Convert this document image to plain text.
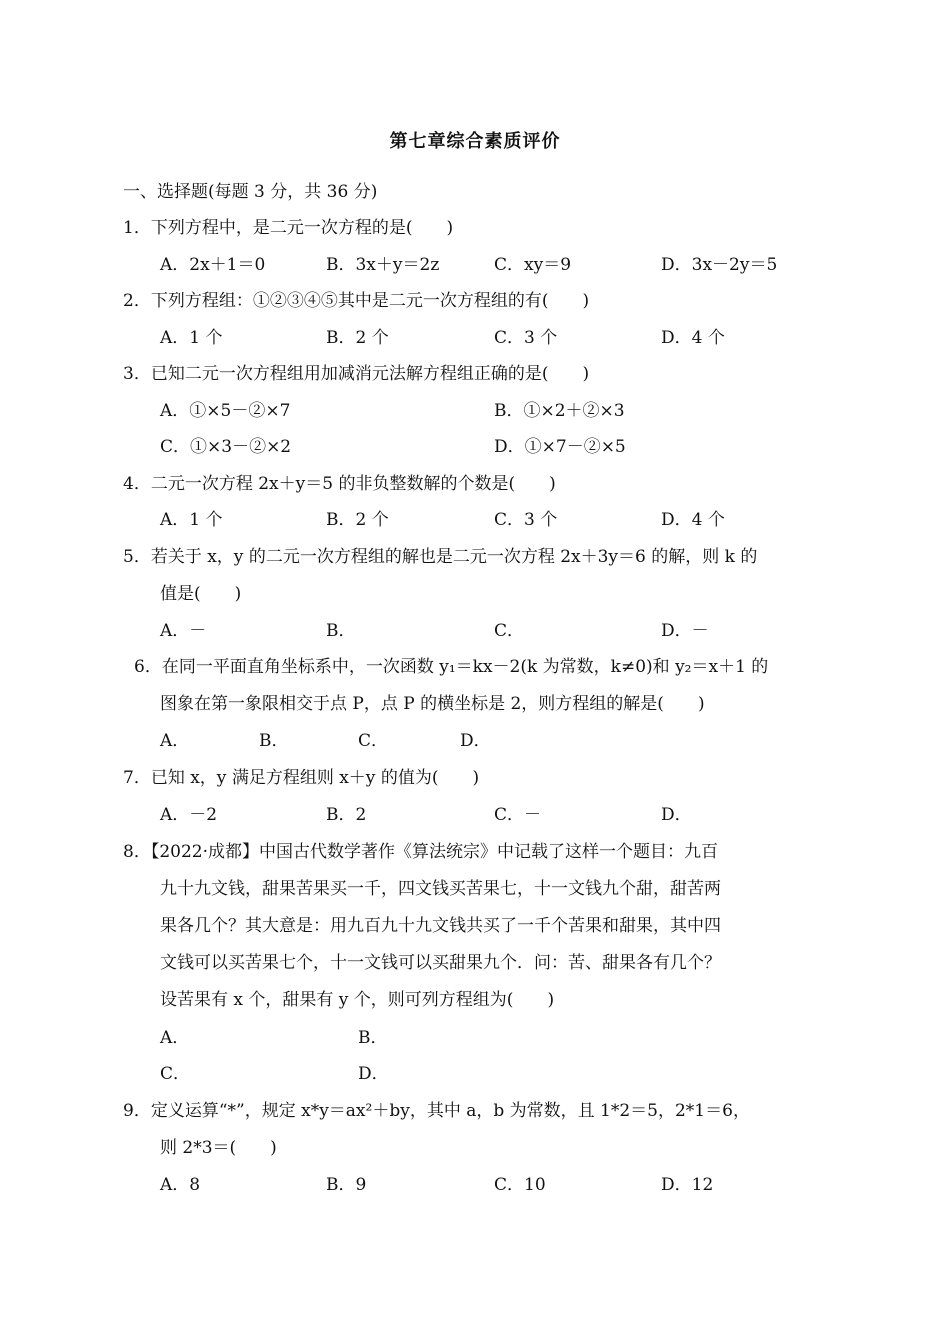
第七章综合素质评价
一、选择题(每题 3 分，共 36 分)
1．下列方程中，是二元一次方程的是(　　)
A．2x＋1＝0	B．3x＋y＝2z	C．xy＝9	D．3x－2y＝5
2．下列方程组：①②③④⑤其中是二元一次方程组的有(　　)
A．1 个	B．2 个	C．3 个	D．4 个
3．已知二元一次方程组用加减消元法解方程组正确的是(　　)
A．①×5－②×7	B．①×2＋②×3
C．①×3－②×2	D．①×7－②×5
4．二元一次方程 2x＋y＝5 的非负整数解的个数是(　　)
A．1 个	B．2 个	C．3 个	D．4 个
5．若关于 x，y 的二元一次方程组的解也是二元一次方程 2x＋3y＝6 的解，则 k 的
值是(　　)
A．－	B．	C．	D．－
6．在同一平面直角坐标系中，一次函数 y₁＝kx－2(k 为常数，k≠0)和 y₂＝x＋1 的
图象在第一象限相交于点 P，点 P 的横坐标是 2，则方程组的解是(　　)
A．	B．	C．	D．
7．已知 x，y 满足方程组则 x＋y 的值为(　　)
A．－2	B．2	C．－	D．
8．【2022·成都】中国古代数学著作《算法统宗》中记载了这样一个题目：九百
九十九文钱，甜果苦果买一千，四文钱买苦果七，十一文钱九个甜，甜苦两
果各几个？其大意是：用九百九十九文钱共买了一千个苦果和甜果，其中四
文钱可以买苦果七个，十一文钱可以买甜果九个．问：苦、甜果各有几个？
设苦果有 x 个，甜果有 y 个，则可列方程组为(　　)
A．	B．
C．	D．
9．定义运算“*”，规定 x*y＝ax²＋by，其中 a，b 为常数，且 1*2＝5，2*1＝6，
则 2*3＝(　　)
A．8	B．9	C．10	D．12
